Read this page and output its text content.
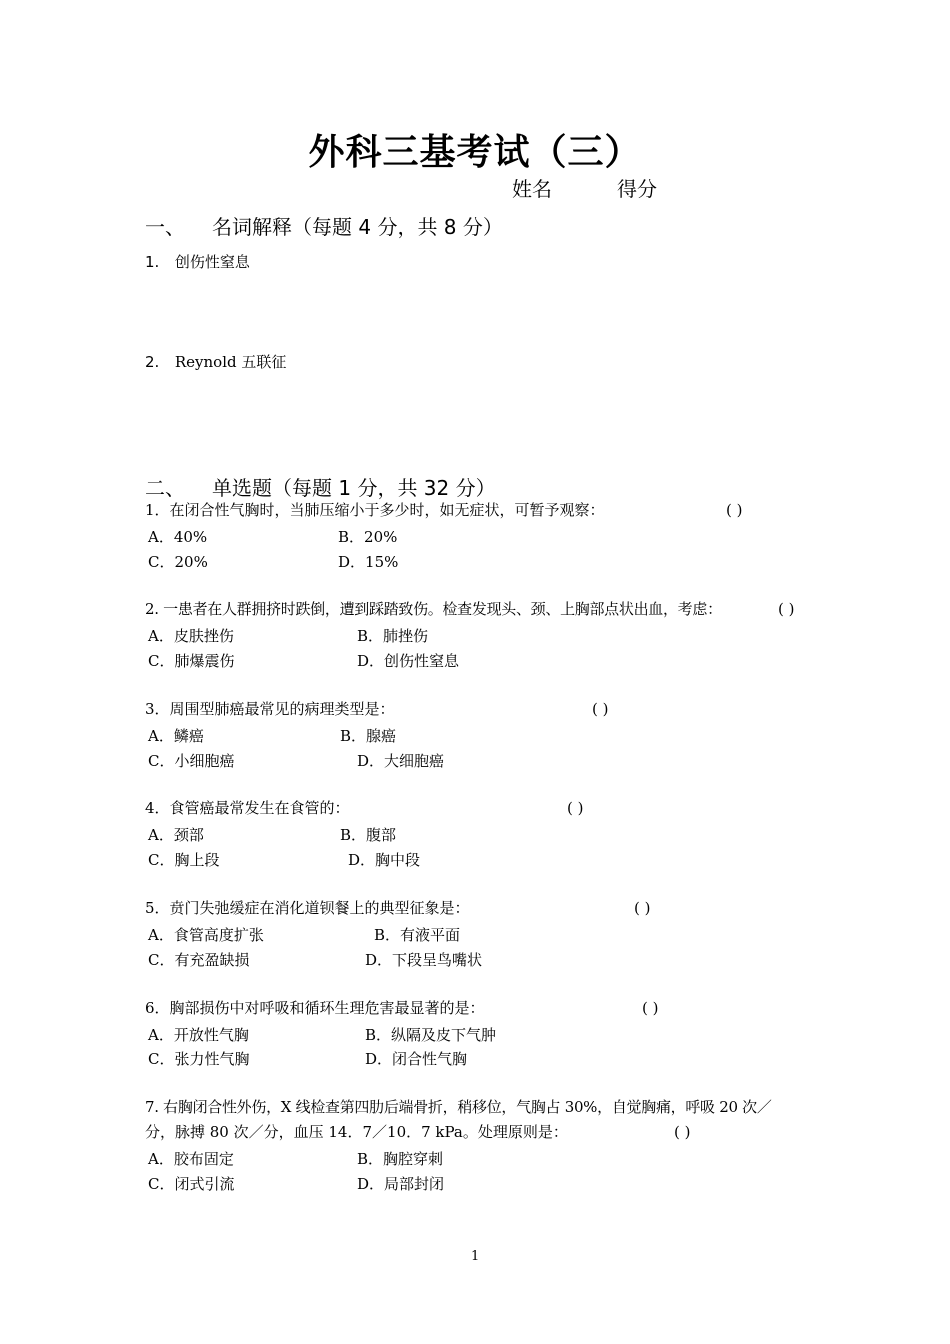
外科三基考试（三）
姓名	得分
一、 名词解释（每题 4 分，共 8 分）
1. 创伤性窒息
2. Reynold 五联征
二、 单选题（每题 1 分，共 32 分）
1．在闭合性气胸时，当肺压缩小于多少时，如无症状，可暂予观察：	( )
A．40%	B．20%
C．20%	D．15%
2. 一患者在人群拥挤时跌倒，遭到踩踏致伤。检查发现头、颈、上胸部点状出血，考虑：	( )
A．皮肤挫伤	B．肺挫伤
C．肺爆震伤	D．创伤性窒息
3．周围型肺癌最常见的病理类型是：	( )
A．鳞癌	B．腺癌
C．小细胞癌	D．大细胞癌
4．食管癌最常发生在食管的：	( )
A．颈部	B．腹部
C．胸上段	D．胸中段
5．贲门失弛缓症在消化道钡餐上的典型征象是：	( )
A．食管高度扩张	B．有液平面
C．有充盈缺损	D．下段呈鸟嘴状
6．胸部损伤中对呼吸和循环生理危害最显著的是：	( )
A．开放性气胸	B．纵隔及皮下气肿
C．张力性气胸	D．闭合性气胸
7. 右胸闭合性外伤，X 线检查第四肋后端骨折，稍移位，气胸占 30%，自觉胸痛，呼吸 20 次／
分，脉搏 80 次／分，血压 14．7／10．7 kPa。处理原则是：	( )
A．胶布固定	B．胸腔穿刺
C．闭式引流	D．局部封闭
1
